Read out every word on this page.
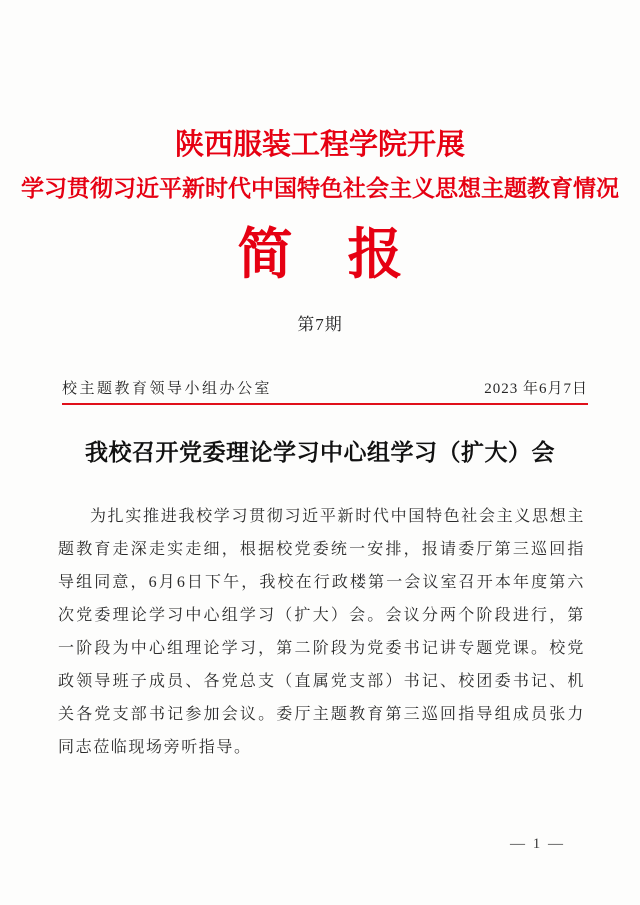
陕西服装工程学院开展
学习贯彻习近平新时代中国特色社会主义思想主题教育情况
简　报
第7期
校主题教育领导小组办公室	2023 年6月7日
我校召开党委理论学习中心组学习（扩大）会

为扎实推进我校学习贯彻习近平新时代中国特色社会主义思想主题教育走深走实走细，根据校党委统一安排，报请委厅第三巡回指导组同意，6月6日下午，我校在行政楼第一会议室召开本年度第六次党委理论学习中心组学习（扩大）会。会议分两个阶段进行，第一阶段为中心组理论学习，第二阶段为党委书记讲专题党课。校党政领导班子成员、各党总支（直属党支部）书记、校团委书记、机关各党支部书记参加会议。委厅主题教育第三巡回指导组成员张力同志莅临现场旁听指导。

— 1 —
